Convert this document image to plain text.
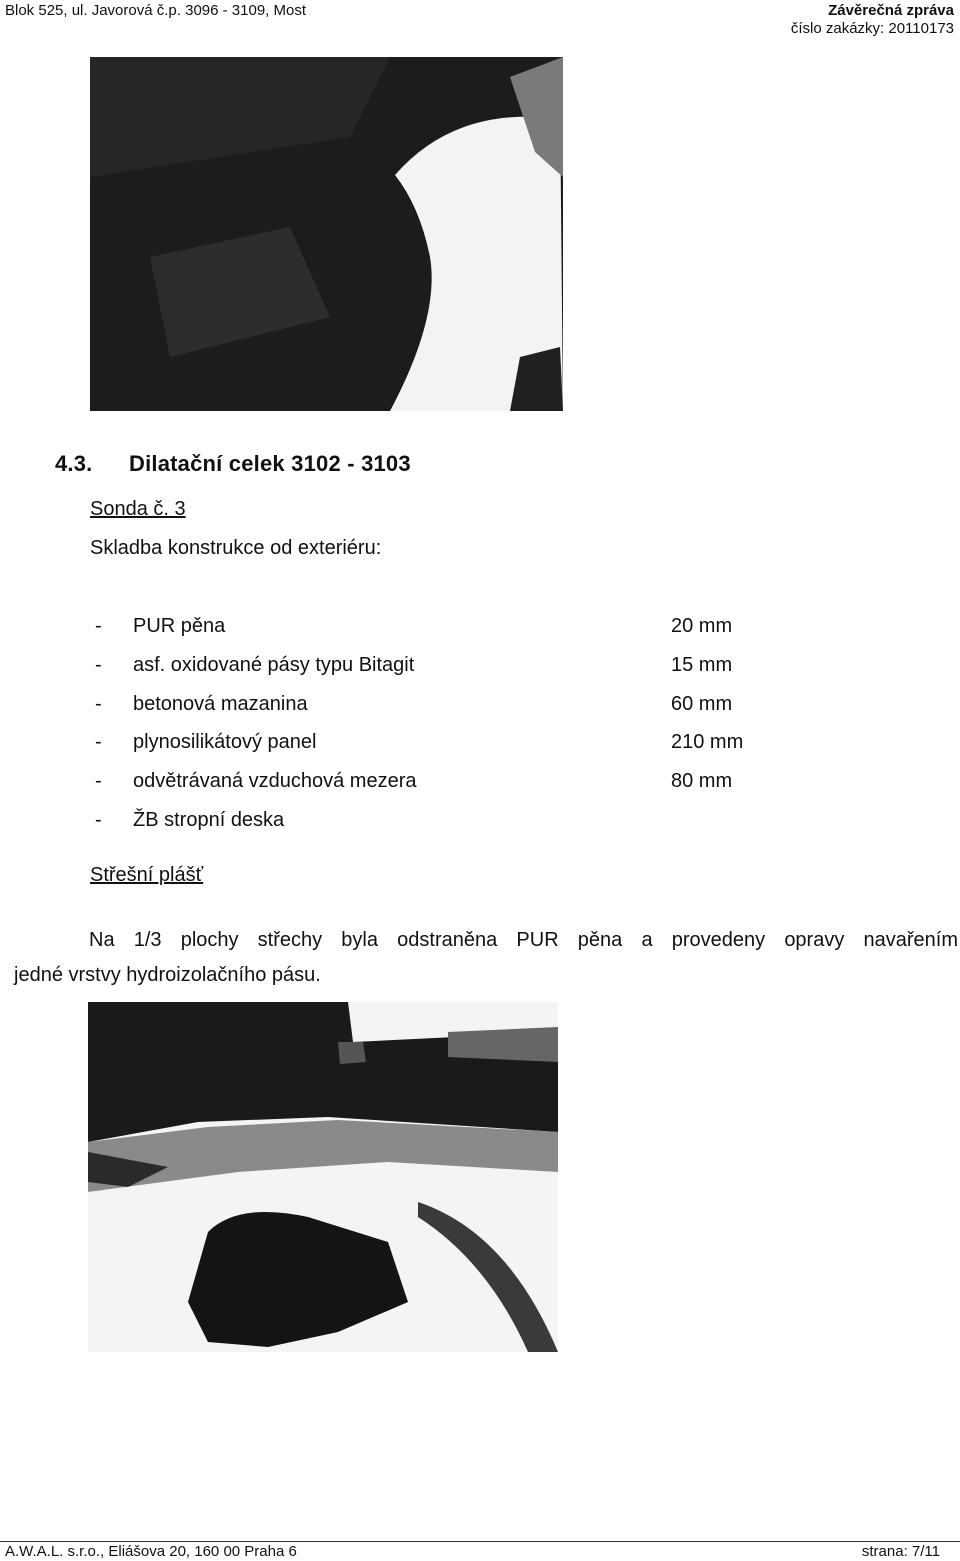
Blok 525, ul. Javorová č.p. 3096 - 3109, Most	Závěrečná zpráva
číslo zakázky: 20110173
4.3. Dilatační celek 3102 - 3103
Sonda č. 3
Skladba konstrukce od exteriéru:
-	PUR pěna	20 mm
-	asf. oxidované pásy typu Bitagit	15 mm
-	betonová mazanina	60 mm
-	plynosilikátový panel	210 mm
-	odvětrávaná vzduchová mezera	80 mm
-	ŽB stropní deska
Střešní plášť
Na 1/3 plochy střechy byla odstraněna PUR pěna a provedeny opravy navařením
jedné vrstvy hydroizolačního pásu.
A.W.A.L. s.r.o., Eliášova 20, 160 00 Praha 6	strana: 7/11
